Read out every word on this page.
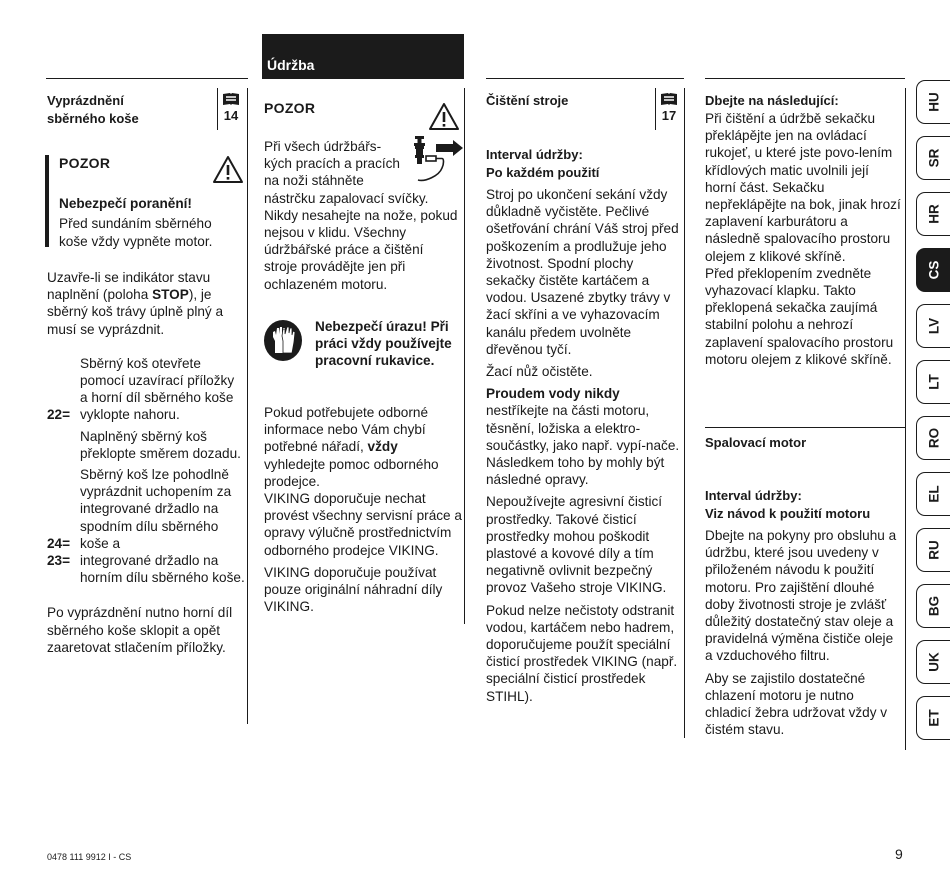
Údržba
Vyprázdnění
sběrného koše	14
POZOR
Nebezpečí poranění!
Před sundáním sběrného koše vždy vypněte motor.

Uzavře-li se indikátor stavu naplnění (poloha STOP), je sběrný koš trávy úplně plný a musí se vyprázdnit.

22=
Sběrný koš otevřete pomocí uzavírací příložky a horní díl sběrného koše vyklopte nahoru.
Naplněný sběrný koš překlopte směrem dozadu.
24=
Sběrný koš lze pohodlně vyprázdnit uchopením za integrované držadlo na spodním dílu sběrného koše a
23= integrované držadlo na horním dílu sběrného koše.

Po vyprázdnění nutno horní díl sběrného koše sklopit a opět zaaretovat stlačením příložky.

POZOR
Při všech údržbářs-
kých pracích a pracích
na noži stáhněte

nástrčku zapalovací svíčky. Nikdy nesahejte na nože, pokud nejsou v klidu. Všechny údržbářské práce a čištění stroje provádějte jen při ochlazeném motoru.

Nebezpečí úrazu! Při práci vždy používejte pracovní rukavice.

Pokud potřebujete odborné informace nebo Vám chybí potřebné nářadí, vždy vyhledejte pomoc odborného prodejce.

VIKING doporučuje nechat provést všechny servisní práce a opravy výlučně prostřednictvím odborného prodejce VIKING.

VIKING doporučuje používat pouze originální náhradní díly VIKING.

Čištění stroje
17
Interval údržby:
Po každém použití

Stroj po ukončení sekání vždy důkladně vyčistěte. Pečlivé ošetřování chrání Váš stroj před poškozením a prodlužuje jeho životnost. Spodní plochy sekačky čistěte kartáčem a vodou. Usazené zbytky trávy v žací skříni a ve vyhazovacím kanálu předem uvolněte dřevěnou tyčí.

Žací nůž očistěte.

Proudem vody nikdy

nestříkejte na části motoru, těsnění, ložiska a elektro-součástky, jako např. vypí-nače. Následkem toho by mohly být následné opravy.

Nepoužívejte agresivní čisticí prostředky. Takové čisticí prostředky mohou poškodit plastové a kovové díly a tím negativně ovlivnit bezpečný provoz Vašeho stroje VIKING.

Pokud nelze nečistoty odstranit vodou, kartáčem nebo hadrem, doporučujeme použít speciální čisticí prostředek VIKING (např. speciální čisticí prostředek STIHL).

Dbejte na následující:
Při čištění a údržbě sekačku překlápějte jen na ovládací rukojeť, u které jste povo-lením křídlových matic uvolnili její horní část. Sekačku nepřeklápějte na bok, jinak hrozí zaplavení karburátoru a následně spalovacího prostoru olejem z klikové skříně.

Před překlopením zvedněte vyhazovací klapku. Takto překlopená sekačka zaujímá stabilní polohu a nehrozí zaplavení spalovacího prostoru motoru olejem z klikové skříně.

Spalovací motor
Interval údržby:
Viz návod k použití motoru

Dbejte na pokyny pro obsluhu a údržbu, které jsou uvedeny v přiloženém návodu k použití motoru. Pro zajištění dlouhé doby životnosti stroje je zvlášť důležitý dostatečný stav oleje a pravidelná výměna čističe oleje a vzduchového filtru.

Aby se zajistilo dostatečné chlazení motoru je nutno chladicí žebra udržovat vždy v čistém stavu.

HU
SR
HR
CS
LV
LT
RO
EL
RU
BG
UK
ET
0478 111 9912 I - CS	9
